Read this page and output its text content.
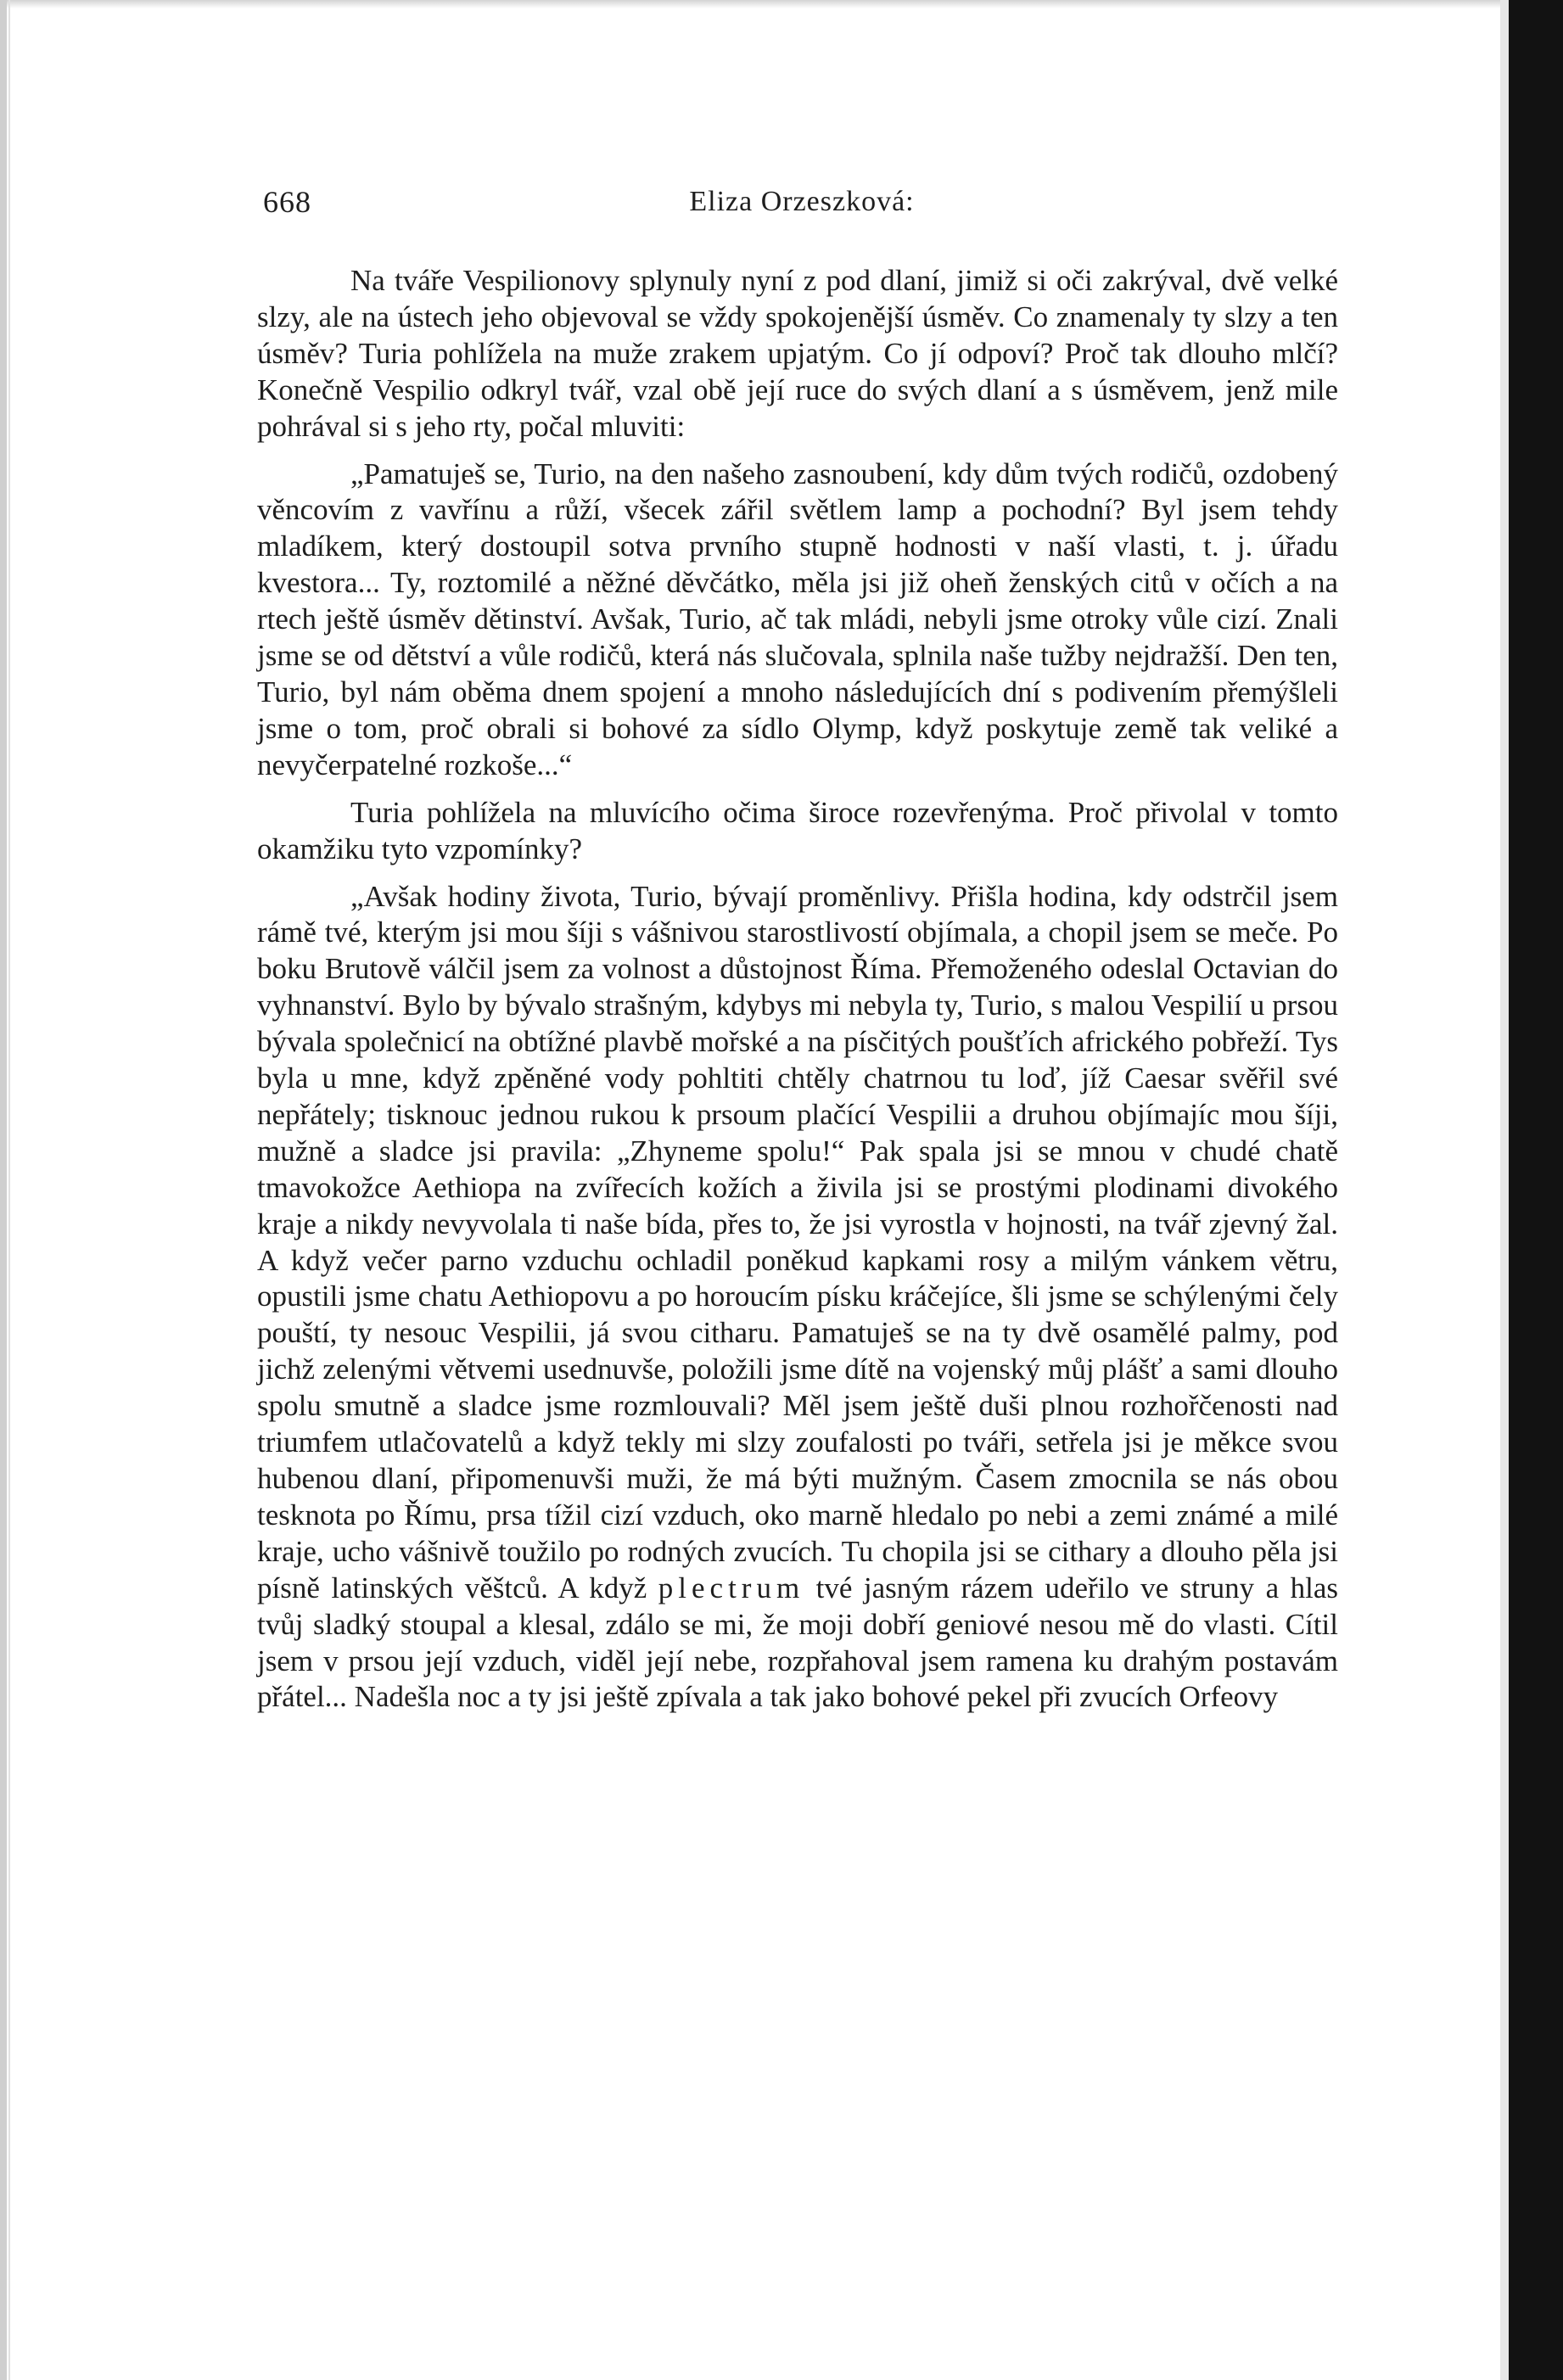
668	Eliza Orzeszková:

Na tváře Vespilionovy splynuly nyní z pod dlaní, jimiž si oči zakrýval, dvě velké slzy, ale na ústech jeho objevoval se vždy spokojenější úsměv. Co znamenaly ty slzy a ten úsměv? Turia pohlížela na muže zrakem upjatým. Co jí odpoví? Proč tak dlouho mlčí? Konečně Vespilio odkryl tvář, vzal obě její ruce do svých dlaní a s úsměvem, jenž mile pohrával si s jeho rty, počal mluviti:

„Pamatuješ se, Turio, na den našeho zasnoubení, kdy dům tvých rodičů, ozdobený věncovím z vavřínu a růží, všecek zářil světlem lamp a pochodní? Byl jsem tehdy mladíkem, který dostoupil sotva prvního stupně hodnosti v naší vlasti, t. j. úřadu kvestora... Ty, roztomilé a něžné děvčátko, měla jsi již oheň ženských citů v očích a na rtech ještě úsměv dětinství. Avšak, Turio, ač tak mládi, nebyli jsme otroky vůle cizí. Znali jsme se od dětství a vůle rodičů, která nás slučovala, splnila naše tužby nejdražší. Den ten, Turio, byl nám oběma dnem spojení a mnoho následujících dní s podivením přemýšleli jsme o tom, proč obrali si bohové za sídlo Olymp, když poskytuje země tak veliké a nevyčerpatelné rozkoše...“

Turia pohlížela na mluvícího očima široce rozevřenýma. Proč přivolal v tomto okamžiku tyto vzpomínky?

„Avšak hodiny života, Turio, bývají proměnlivy. Přišla hodina, kdy odstrčil jsem rámě tvé, kterým jsi mou šíji s vášnivou starostlivostí objímala, a chopil jsem se meče. Po boku Brutově válčil jsem za volnost a důstojnost Říma. Přemoženého odeslal Octavian do vyhnanství. Bylo by bývalo strašným, kdybys mi nebyla ty, Turio, s malou Vespilií u prsou bývala společnicí na obtížné plavbě mořské a na písčitých poušťích afrického pobřeží. Tys byla u mne, když zpěněné vody pohltiti chtěly chatrnou tu loď, jíž Caesar svěřil své nepřátely; tisknouc jednou rukou k prsoum plačící Vespilii a druhou objímajíc mou šíji, mužně a sladce jsi pravila: „Zhyneme spolu!“ Pak spala jsi se mnou v chudé chatě tmavokožce Aethiopa na zvířecích kožích a živila jsi se prostými plodinami divokého kraje a nikdy nevyvolala ti naše bída, přes to, že jsi vyrostla v hojnosti, na tvář zjevný žal. A když večer parno vzduchu ochladil poněkud kapkami rosy a milým vánkem větru, opustili jsme chatu Aethiopovu a po horoucím písku kráčejíce, šli jsme se schýlenými čely pouští, ty nesouc Vespilii, já svou citharu. Pamatuješ se na ty dvě osamělé palmy, pod jichž zelenými větvemi usednuvše, položili jsme dítě na vojenský můj plášť a sami dlouho spolu smutně a sladce jsme rozmlouvali? Měl jsem ještě duši plnou rozhořčenosti nad triumfem utlačovatelů a když tekly mi slzy zoufalosti po tváři, setřela jsi je měkce svou hubenou dlaní, připomenuvši muži, že má býti mužným. Časem zmocnila se nás obou tesknota po Římu, prsa tížil cizí vzduch, oko marně hledalo po nebi a zemi známé a milé kraje, ucho vášnivě toužilo po rodných zvucích. Tu chopila jsi se cithary a dlouho pěla jsi písně latinských věštců. A když plectrum tvé jasným rázem udeřilo ve struny a hlas tvůj sladký stoupal a klesal, zdálo se mi, že moji dobří geniové nesou mě do vlasti. Cítil jsem v prsou její vzduch, viděl její nebe, rozpřahoval jsem ramena ku drahým postavám přátel... Nadešla noc a ty jsi ještě zpívala a tak jako bohové pekel při zvucích Orfeovy
